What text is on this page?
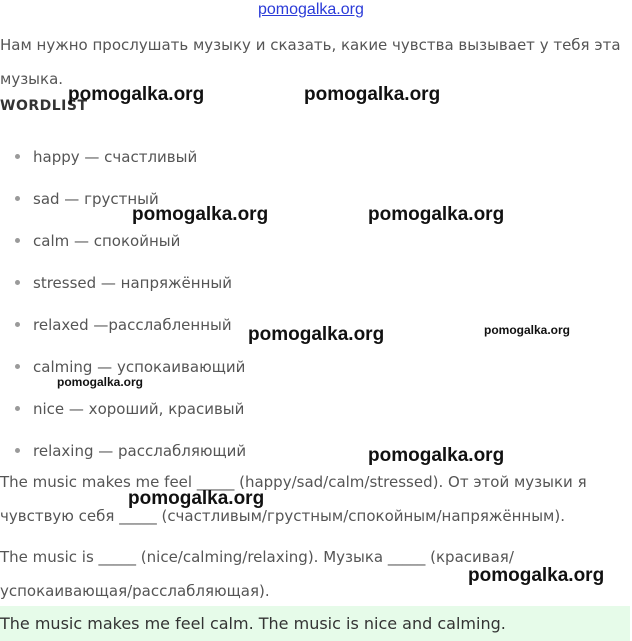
pomogalka.org
Нам нужно прослушать музыку и сказать, какие чувства вызывает у тебя эта музыка.
WORDLIST
happy — счастливый
sad — грустный
calm — спокойный
stressed — напряжённый
relaxed —расслабленный
calming — успокаивающий
nice — хороший, красивый
relaxing — расслабляющий
The music makes me feel _____ (happy/sad/calm/stressed). От этой музыки я чувствую себя _____ (счастливым/грустным/спокойным/напряжённым).
The music is _____ (nice/calming/relaxing). Музыка _____ (красивая/успокаивающая/расслабляющая).
The music makes me feel calm. The music is nice and calming.
pomogalka.org	pomogalka.org
pomogalka.org	pomogalka.org
pomogalka.org	pomogalka.org
pomogalka.org
pomogalka.org
pomogalka.org
pomogalka.org
